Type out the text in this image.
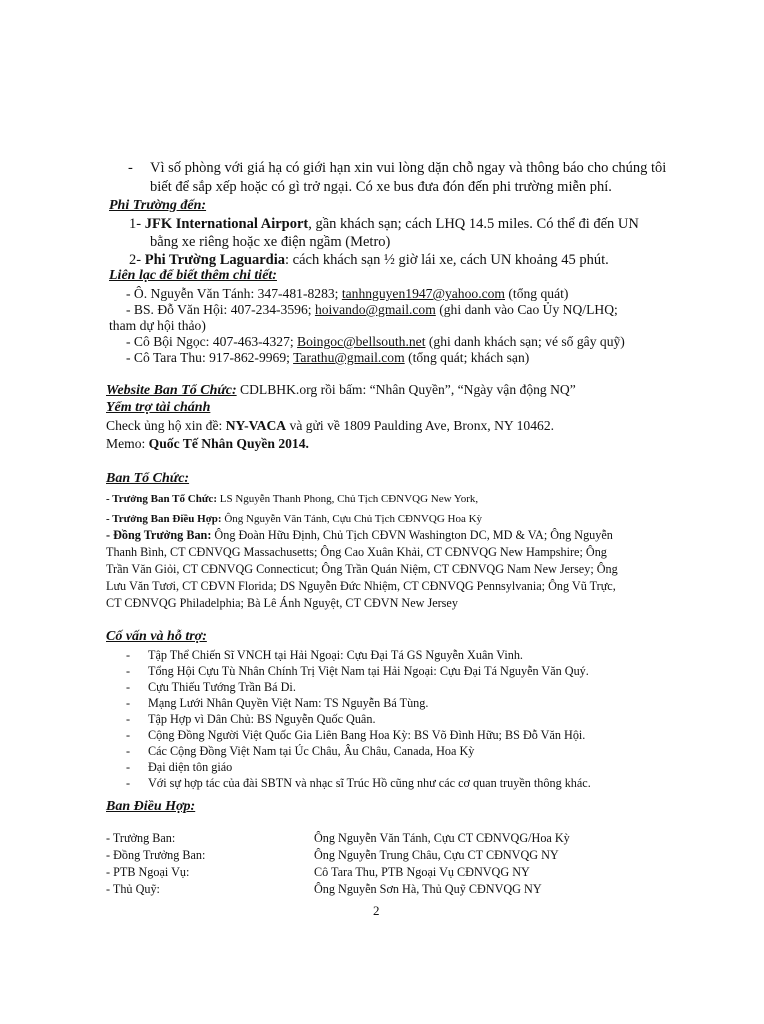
- Vì số phòng với giá hạ có giới hạn xin vui lòng dặn chỗ ngay và thông báo cho chúng tôi
biết để sắp xếp hoặc có gì trở ngại. Có xe bus đưa đón đến phi trường miễn phí.
Phi Trường đến:
1- JFK International Airport, gần khách sạn; cách LHQ 14.5 miles. Có thể đi đến UN
bằng xe riêng hoặc xe điện ngầm (Metro)
2- Phi Trường Laguardia: cách khách sạn ½ giờ lái xe, cách UN khoảng 45 phút.
Liên lạc để biết thêm chi tiết:
- Ô. Nguyễn Văn Tánh: 347-481-8283; tanhnguyen1947@yahoo.com (tổng quát)
- BS. Đỗ Văn Hội: 407-234-3596; hoivando@gmail.com (ghi danh vào Cao Ủy NQ/LHQ;
tham dự hội thảo)
- Cô Bội Ngọc: 407-463-4327; Boingoc@bellsouth.net (ghi danh khách sạn; vé số gây quỹ)
- Cô Tara Thu: 917-862-9969; Tarathu@gmail.com (tổng quát; khách sạn)
Website Ban Tổ Chức: CDLBHK.org rồi bấm: “Nhân Quyền”, “Ngày vận động NQ”
Yểm trợ tài chánh
Check ủng hộ xin đề: NY-VACA và gửi về 1809 Paulding Ave, Bronx, NY 10462.
Memo: Quốc Tế Nhân Quyền 2014.
Ban Tổ Chức:
- Trưởng Ban Tổ Chức: LS Nguyễn Thanh Phong, Chủ Tịch CĐNVQG New York,
- Trưởng Ban Điều Hợp: Ông Nguyễn Văn Tánh, Cựu Chủ Tịch CĐNVQG Hoa Kỳ
- Đồng Trưởng Ban: Ông Đoàn Hữu Định, Chủ Tịch CĐVN Washington DC, MD & VA; Ông Nguyễn
Thanh Bình, CT CĐNVQG Massachusetts; Ông Cao Xuân Khải, CT CĐNVQG New Hampshire; Ông
Trần Văn Giỏi, CT CĐNVQG Connecticut; Ông Trần Quán Niệm, CT CĐNVQG Nam New Jersey; Ông
Lưu Văn Tươi, CT CĐVN Florida; DS Nguyễn Đức Nhiệm, CT CĐNVQG Pennsylvania; Ông Vũ Trực,
CT CĐNVQG Philadelphia; Bà Lê Ánh Nguyệt, CT CĐVN New Jersey
Cố vấn và hỗ trợ:
- Tập Thể Chiến Sĩ VNCH tại Hải Ngoại: Cựu Đại Tá GS Nguyễn Xuân Vinh.
- Tổng Hội Cựu Tù Nhân Chính Trị Việt Nam tại Hải Ngoại: Cựu Đại Tá Nguyễn Văn Quý.
- Cựu Thiếu Tướng Trần Bá Di.
- Mạng Lưới Nhân Quyền Việt Nam: TS Nguyễn Bá Tùng.
- Tập Hợp vì Dân Chủ: BS Nguyễn Quốc Quân.
- Cộng Đồng Người Việt Quốc Gia Liên Bang Hoa Kỳ: BS Võ Đình Hữu; BS Đỗ Văn Hội.
- Các Cộng Đồng Việt Nam tại Úc Châu, Âu Châu, Canada, Hoa Kỳ
- Đại diện tôn giáo
- Với sự hợp tác của đài SBTN và nhạc sĩ Trúc Hồ cũng như các cơ quan truyền thông khác.
Ban Điều Hợp:
- Trưởng Ban:	Ông Nguyễn Văn Tánh, Cựu CT CĐNVQG/Hoa Kỳ
- Đồng Trưởng Ban:	Ông Nguyễn Trung Châu, Cựu CT CĐNVQG NY
- PTB Ngoại Vụ:	Cô Tara Thu, PTB Ngoại Vụ CĐNVQG NY
- Thủ Quỹ:	Ông Nguyễn Sơn Hà, Thủ Quỹ CĐNVQG NY
2
